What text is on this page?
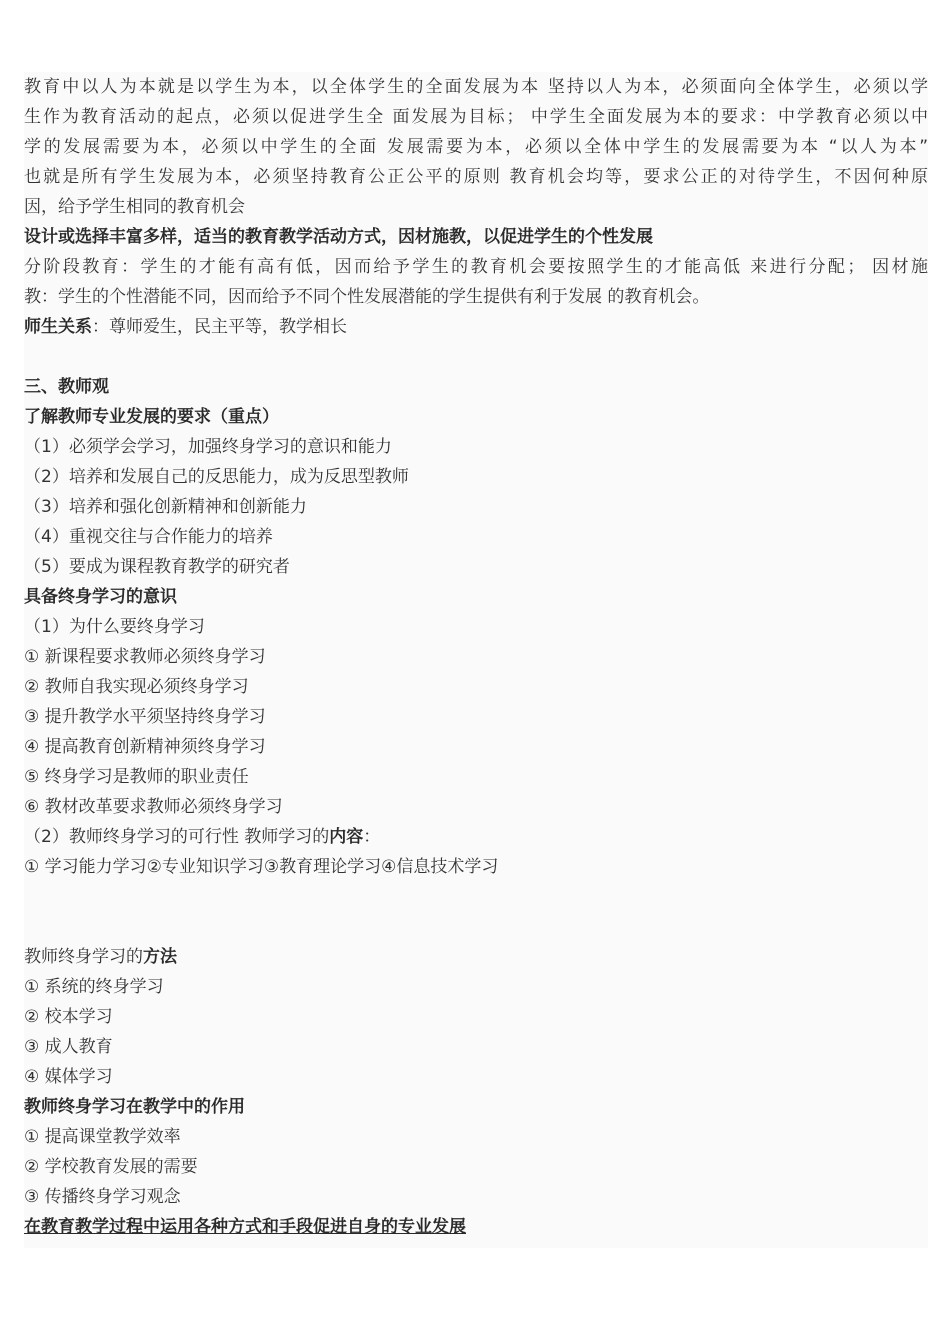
教育中以人为本就是以学生为本，以全体学生的全面发展为本 坚持以人为本，必须面向全体学生，必须以学
生作为教育活动的起点，必须以促进学生全 面发展为目标； 中学生全面发展为本的要求：中学教育必须以中
学的发展需要为本，必须以中学生的全面 发展需要为本，必须以全体中学生的发展需要为本 “以人为本”
也就是所有学生发展为本，必须坚持教育公正公平的原则 教育机会均等，要求公正的对待学生，不因何种原
因，给予学生相同的教育机会
设计或选择丰富多样，适当的教育教学活动方式，因材施教，以促进学生的个性发展
分阶段教育：学生的才能有高有低，因而给予学生的教育机会要按照学生的才能高低 来进行分配； 因材施
教：学生的个性潜能不同，因而给予不同个性发展潜能的学生提供有利于发展 的教育机会。
师生关系：尊师爱生，民主平等，教学相长
三、教师观
了解教师专业发展的要求（重点）
（1）必须学会学习，加强终身学习的意识和能力
（2）培养和发展自己的反思能力，成为反思型教师
（3）培养和强化创新精神和创新能力
（4）重视交往与合作能力的培养
（5）要成为课程教育教学的研究者
具备终身学习的意识
（1）为什么要终身学习
① 新课程要求教师必须终身学习
② 教师自我实现必须终身学习
③ 提升教学水平须坚持终身学习
④ 提高教育创新精神须终身学习
⑤ 终身学习是教师的职业责任
⑥ 教材改革要求教师必须终身学习
（2）教师终身学习的可行性 教师学习的内容：
① 学习能力学习②专业知识学习③教育理论学习④信息技术学习
教师终身学习的方法
① 系统的终身学习
② 校本学习
③ 成人教育
④ 媒体学习
教师终身学习在教学中的作用
① 提高课堂教学效率
② 学校教育发展的需要
③ 传播终身学习观念
在教育教学过程中运用各种方式和手段促进自身的专业发展
